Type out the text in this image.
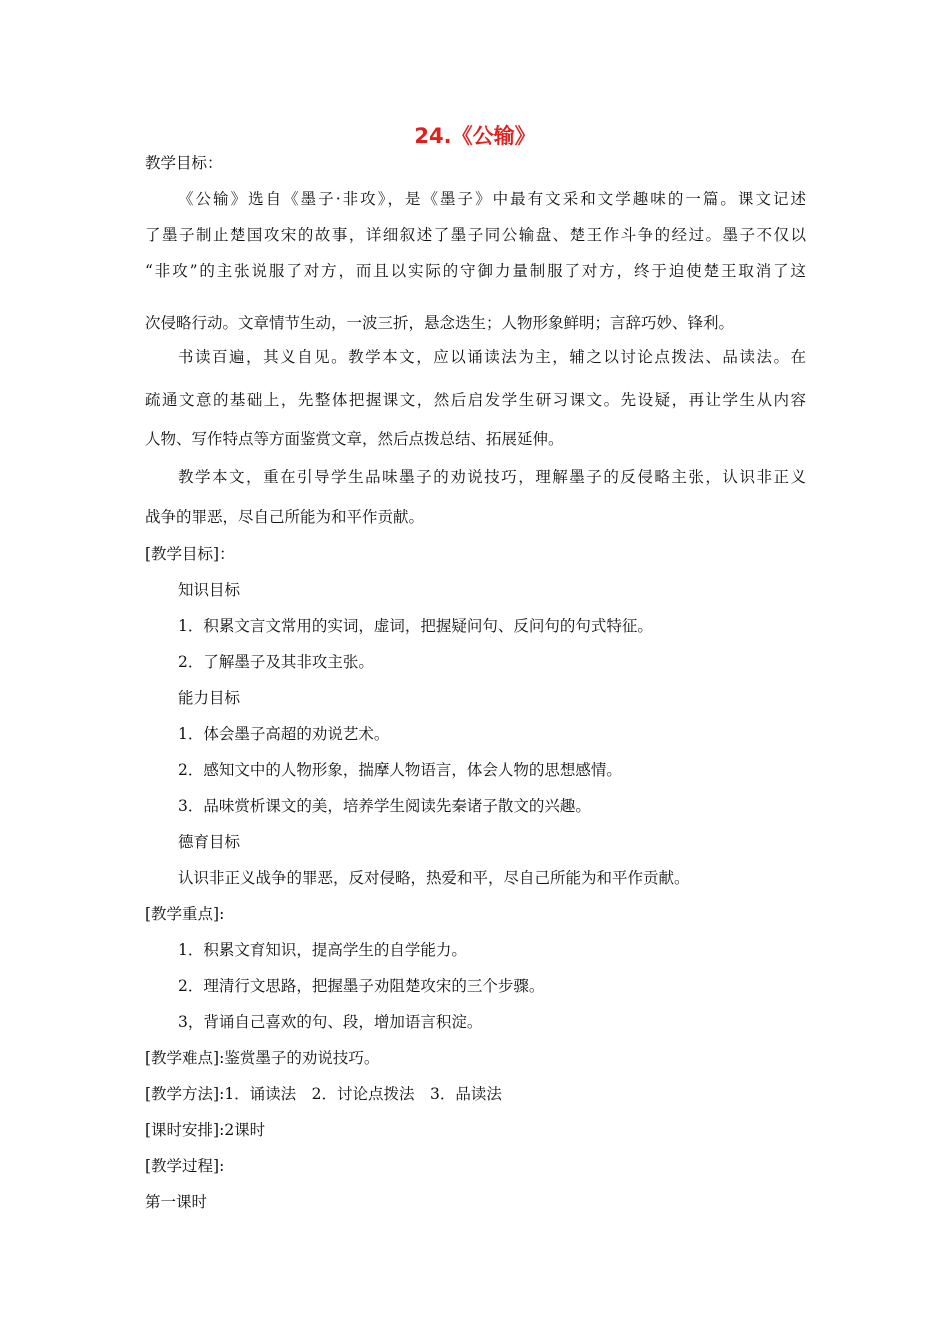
24.《公输》
教学目标：
《公输》选自《墨子·非攻》，是《墨子》中最有文采和文学趣味的一篇。课文记述
了墨子制止楚国攻宋的故事，详细叙述了墨子同公输盘、楚王作斗争的经过。墨子不仅以
“非攻”的主张说服了对方，而且以实际的守御力量制服了对方，终于迫使楚王取消了这
次侵略行动。文章情节生动，一波三折，悬念迭生；人物形象鲜明；言辞巧妙、锋利。
书读百遍，其义自见。教学本文，应以诵读法为主，辅之以讨论点拨法、品读法。在
疏通文意的基础上，先整体把握课文，然后启发学生研习课文。先设疑，再让学生从内容
人物、写作特点等方面鉴赏文章，然后点拨总结、拓展延伸。
教学本文，重在引导学生品味墨子的劝说技巧，理解墨子的反侵略主张，认识非正义
战争的罪恶，尽自己所能为和平作贡献。
[教学目标]：
知识目标
1．积累文言文常用的实词，虚词，把握疑问句、反问句的句式特征。
2．了解墨子及其非攻主张。
能力目标
1．体会墨子高超的劝说艺术。
2．感知文中的人物形象，揣摩人物语言，体会人物的思想感情。
3．品味赏析课文的美，培养学生阅读先秦诸子散文的兴趣。
德育目标
认识非正义战争的罪恶，反对侵略，热爱和平，尽自己所能为和平作贡献。
[教学重点]:
1．积累文育知识，提高学生的自学能力。
2．理清行文思路，把握墨子劝阻楚攻宋的三个步骤。
3，背诵自己喜欢的句、段，增加语言积淀。
[教学难点]:鉴赏墨子的劝说技巧。
[教学方法]:1．诵读法　2．讨论点拨法　3．品读法
[课时安排]:2课时
[教学过程]:
第一课时
